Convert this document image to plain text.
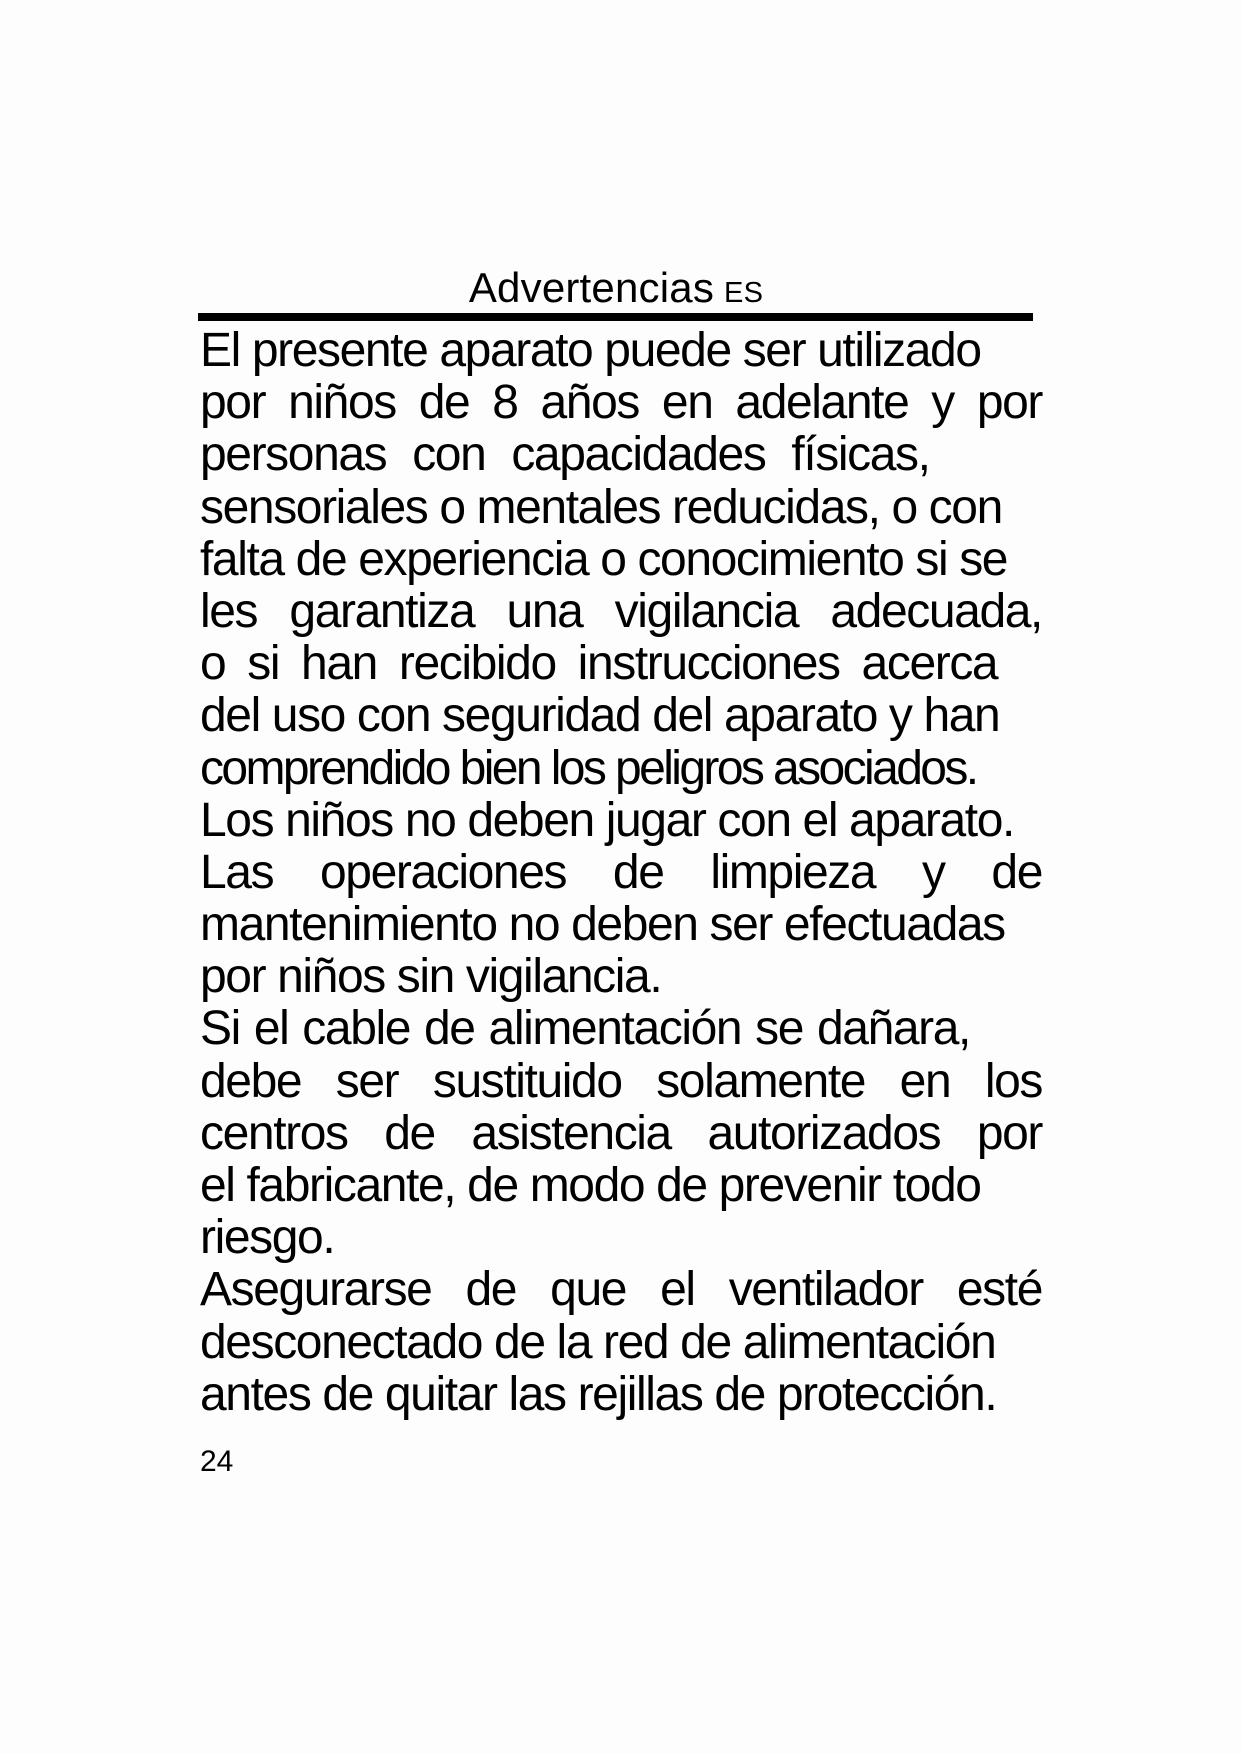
Advertencias ES
El presente aparato puede ser utilizado
por niños de 8 años en adelante y por
personas con capacidades físicas,
sensoriales o mentales reducidas, o con
falta de experiencia o conocimiento si se
les garantiza una vigilancia adecuada,
o si han recibido instrucciones acerca
del uso con seguridad del aparato y han
comprendido bien los peligros asociados.
Los niños no deben jugar con el aparato.
Las operaciones de limpieza y de
mantenimiento no deben ser efectuadas
por niños sin vigilancia.
Si el cable de alimentación se dañara,
debe ser sustituido solamente en los
centros de asistencia autorizados por
el fabricante, de modo de prevenir todo
riesgo.
Asegurarse de que el ventilador esté
desconectado de la red de alimentación
antes de quitar las rejillas de protección.
24
